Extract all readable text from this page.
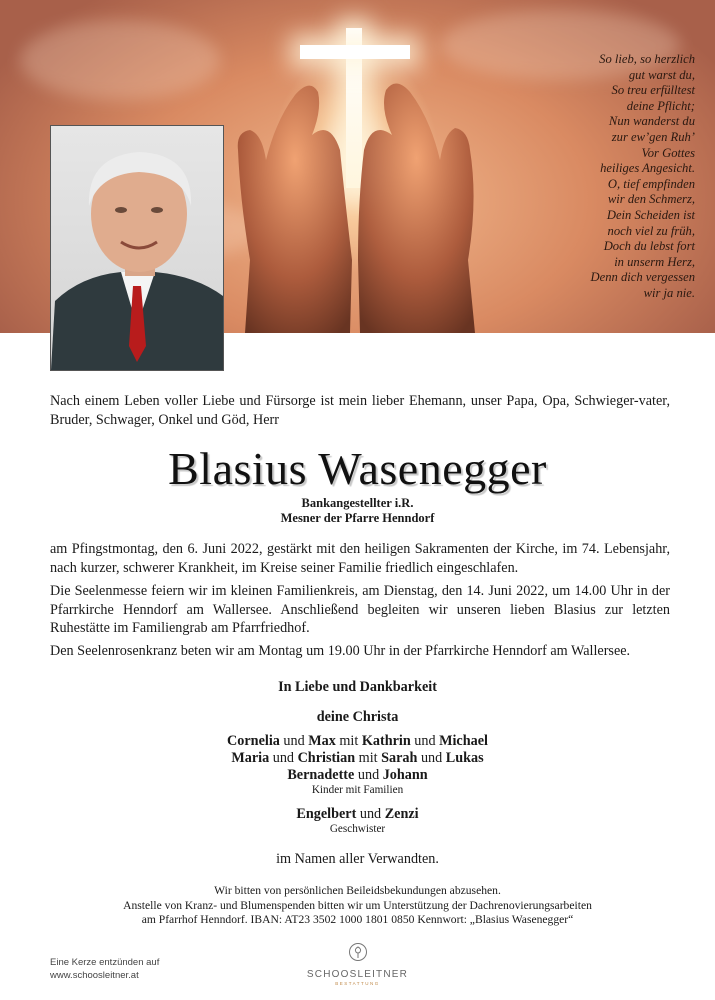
So lieb, so herzlich
gut warst du,
So treu erfülltest
deine Pflicht;
Nun wanderst du
zur ew’gen Ruh’
Vor Gottes
heiliges Angesicht.
O, tief empfinden
wir den Schmerz,
Dein Scheiden ist
noch viel zu früh,
Doch du lebst fort
in unserm Herz,
Denn dich vergessen
wir ja nie.
Nach einem Leben voller Liebe und Fürsorge ist mein lieber Ehemann, unser Papa, Opa, Schwieger-vater, Bruder, Schwager, Onkel und Göd, Herr
Blasius Wasenegger
Bankangestellter i.R.
Mesner der Pfarre Henndorf
am Pfingstmontag, den 6. Juni 2022, gestärkt mit den heiligen Sakramenten der Kirche, im 74. Lebensjahr, nach kurzer, schwerer Krankheit, im Kreise seiner Familie friedlich eingeschlafen.
Die Seelenmesse feiern wir im kleinen Familienkreis, am Dienstag, den 14. Juni 2022, um 14.00 Uhr in der Pfarrkirche Henndorf am Wallersee. Anschließend begleiten wir unseren lieben Blasius zur letzten Ruhestätte im Familiengrab am Pfarrfriedhof.
Den Seelenrosenkranz beten wir am Montag um 19.00 Uhr in der Pfarrkirche Henndorf am Wallersee.
In Liebe und Dankbarkeit
deine Christa
Cornelia und Max mit Kathrin und Michael
Maria und Christian mit Sarah und Lukas
Bernadette und Johann
Kinder mit Familien
Engelbert und Zenzi
Geschwister
im Namen aller Verwandten.
Wir bitten von persönlichen Beileidsbekundungen abzusehen.
Anstelle von Kranz- und Blumenspenden bitten wir um Unterstützung der Dachrenovierungsarbeiten
am Pfarrhof Henndorf. IBAN: AT23 3502 1000 1801 0850 Kennwort: „Blasius Wasenegger“
Eine Kerze entzünden auf
www.schoosleitner.at	SCHOOSLEITNER
BESTATTUNG
